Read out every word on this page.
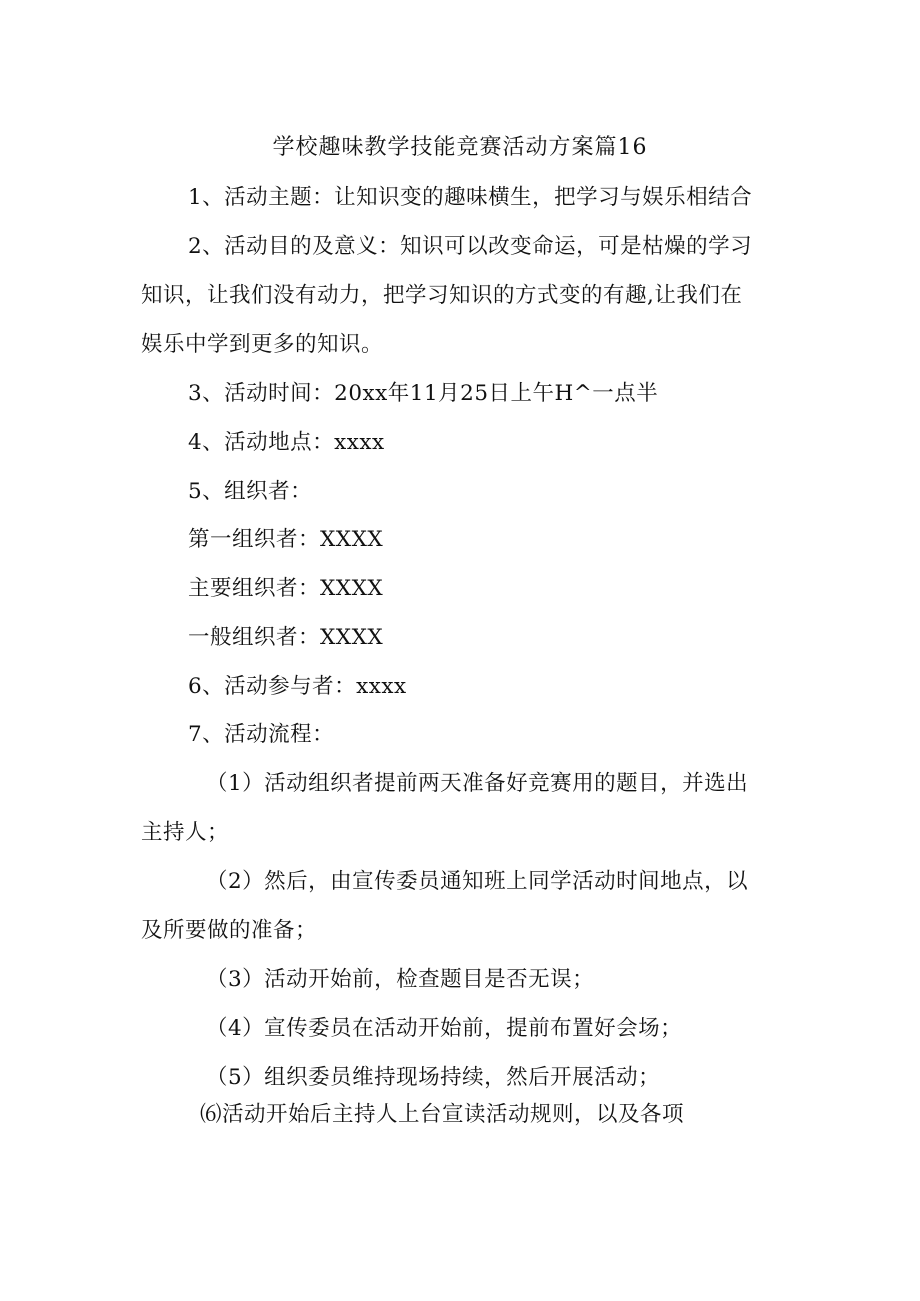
学校趣味教学技能竞赛活动方案篇16
1、活动主题：让知识变的趣味横生，把学习与娱乐相结合
2、活动目的及意义：知识可以改变命运，可是枯燥的学习
知识，让我们没有动力，把学习知识的方式变的有趣,让我们在
娱乐中学到更多的知识。
3、活动时间：20xx年11月25日上午H^一点半
4、活动地点：xxxx
5、组织者：
第一组织者：XXXX
主要组织者：XXXX
一般组织者：XXXX
6、活动参与者：xxxx
7、活动流程：
（1）活动组织者提前两天准备好竞赛用的题目，并选出
主持人；
（2）然后，由宣传委员通知班上同学活动时间地点，以
及所要做的准备；
（3）活动开始前，检查题目是否无误；
（4）宣传委员在活动开始前，提前布置好会场；
（5）组织委员维持现场持续，然后开展活动；
⑹活动开始后主持人上台宣读活动规则，以及各项
